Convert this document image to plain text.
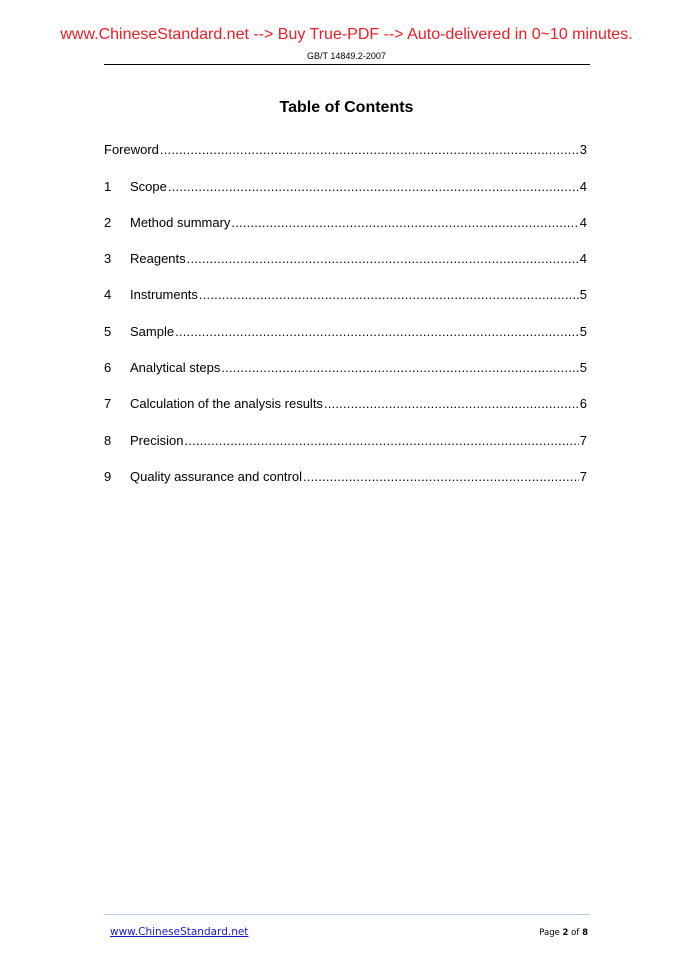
www.ChineseStandard.net --> Buy True-PDF --> Auto-delivered in 0~10 minutes.
GB/T 14849.2-2007
Table of Contents
Foreword .....	3
1	Scope .....	4
2	Method summary .....	4
3	Reagents .....	4
4	Instruments .....	5
5	Sample .....	5
6	Analytical steps .....	5
7	Calculation of the analysis results .....	6
8	Precision .....	7
9	Quality assurance and control .....	7
www.ChineseStandard.net	Page 2 of 8
